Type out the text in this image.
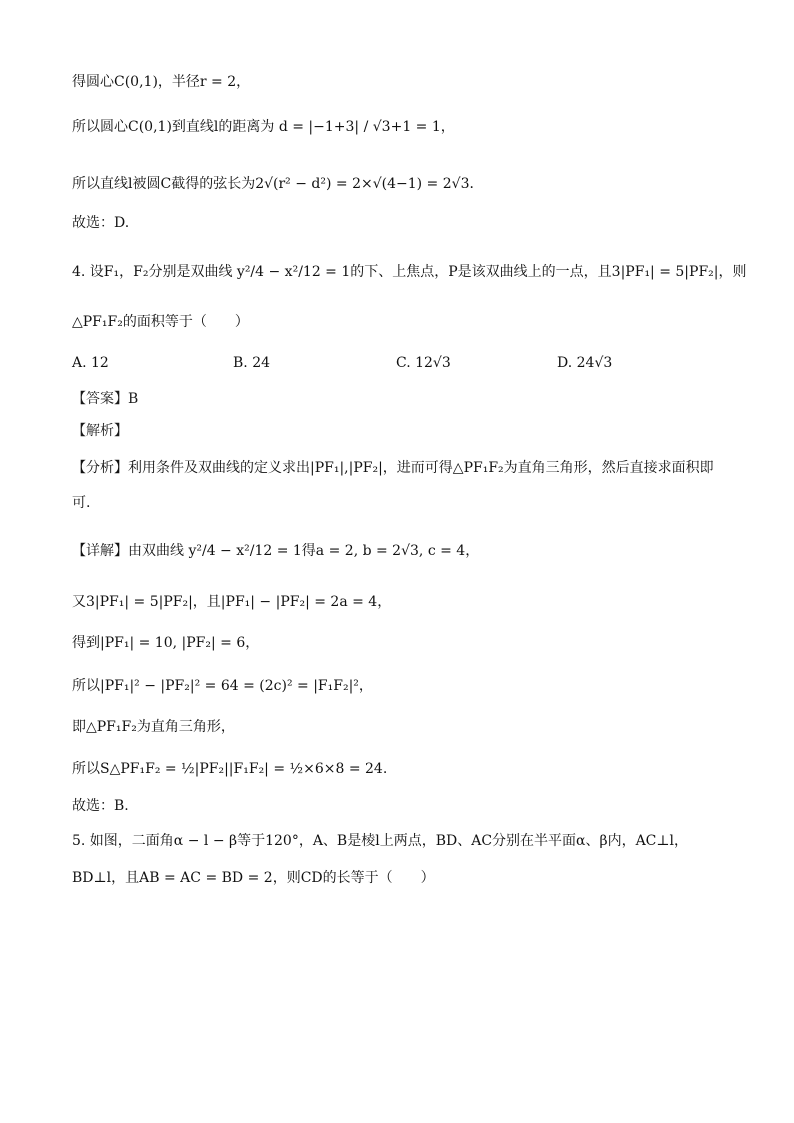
得圆心C(0,1)，半径r = 2，
所以圆心C(0,1)到直线l的距离为 d = |−1+3| / √3+1 = 1，
所以直线l被圆C截得的弦长为2√(r² − d²) = 2×√(4−1) = 2√3．
故选：D.
4. 设F₁，F₂分别是双曲线 y²/4 − x²/12 = 1的下、上焦点，P是该双曲线上的一点，且3|PF₁| = 5|PF₂|，则
△PF₁F₂的面积等于（　　）
A. 12	B. 24	C. 12√3	D. 24√3
【答案】B
【解析】
【分析】利用条件及双曲线的定义求出|PF₁|,|PF₂|，进而可得△PF₁F₂为直角三角形，然后直接求面积即
可.
【详解】由双曲线 y²/4 − x²/12 = 1得a = 2, b = 2√3, c = 4，
又3|PF₁| = 5|PF₂|，且|PF₁| − |PF₂| = 2a = 4，
得到|PF₁| = 10, |PF₂| = 6，
所以|PF₁|² − |PF₂|² = 64 = (2c)² = |F₁F₂|²，
即△PF₁F₂为直角三角形，
所以S△PF₁F₂ = ½|PF₂||F₁F₂| = ½×6×8 = 24.
故选：B.
5. 如图，二面角α − l − β等于120°，A、B是棱l上两点，BD、AC分别在半平面α、β内，AC⊥l，
BD⊥l，且AB = AC = BD = 2，则CD的长等于（　　）
